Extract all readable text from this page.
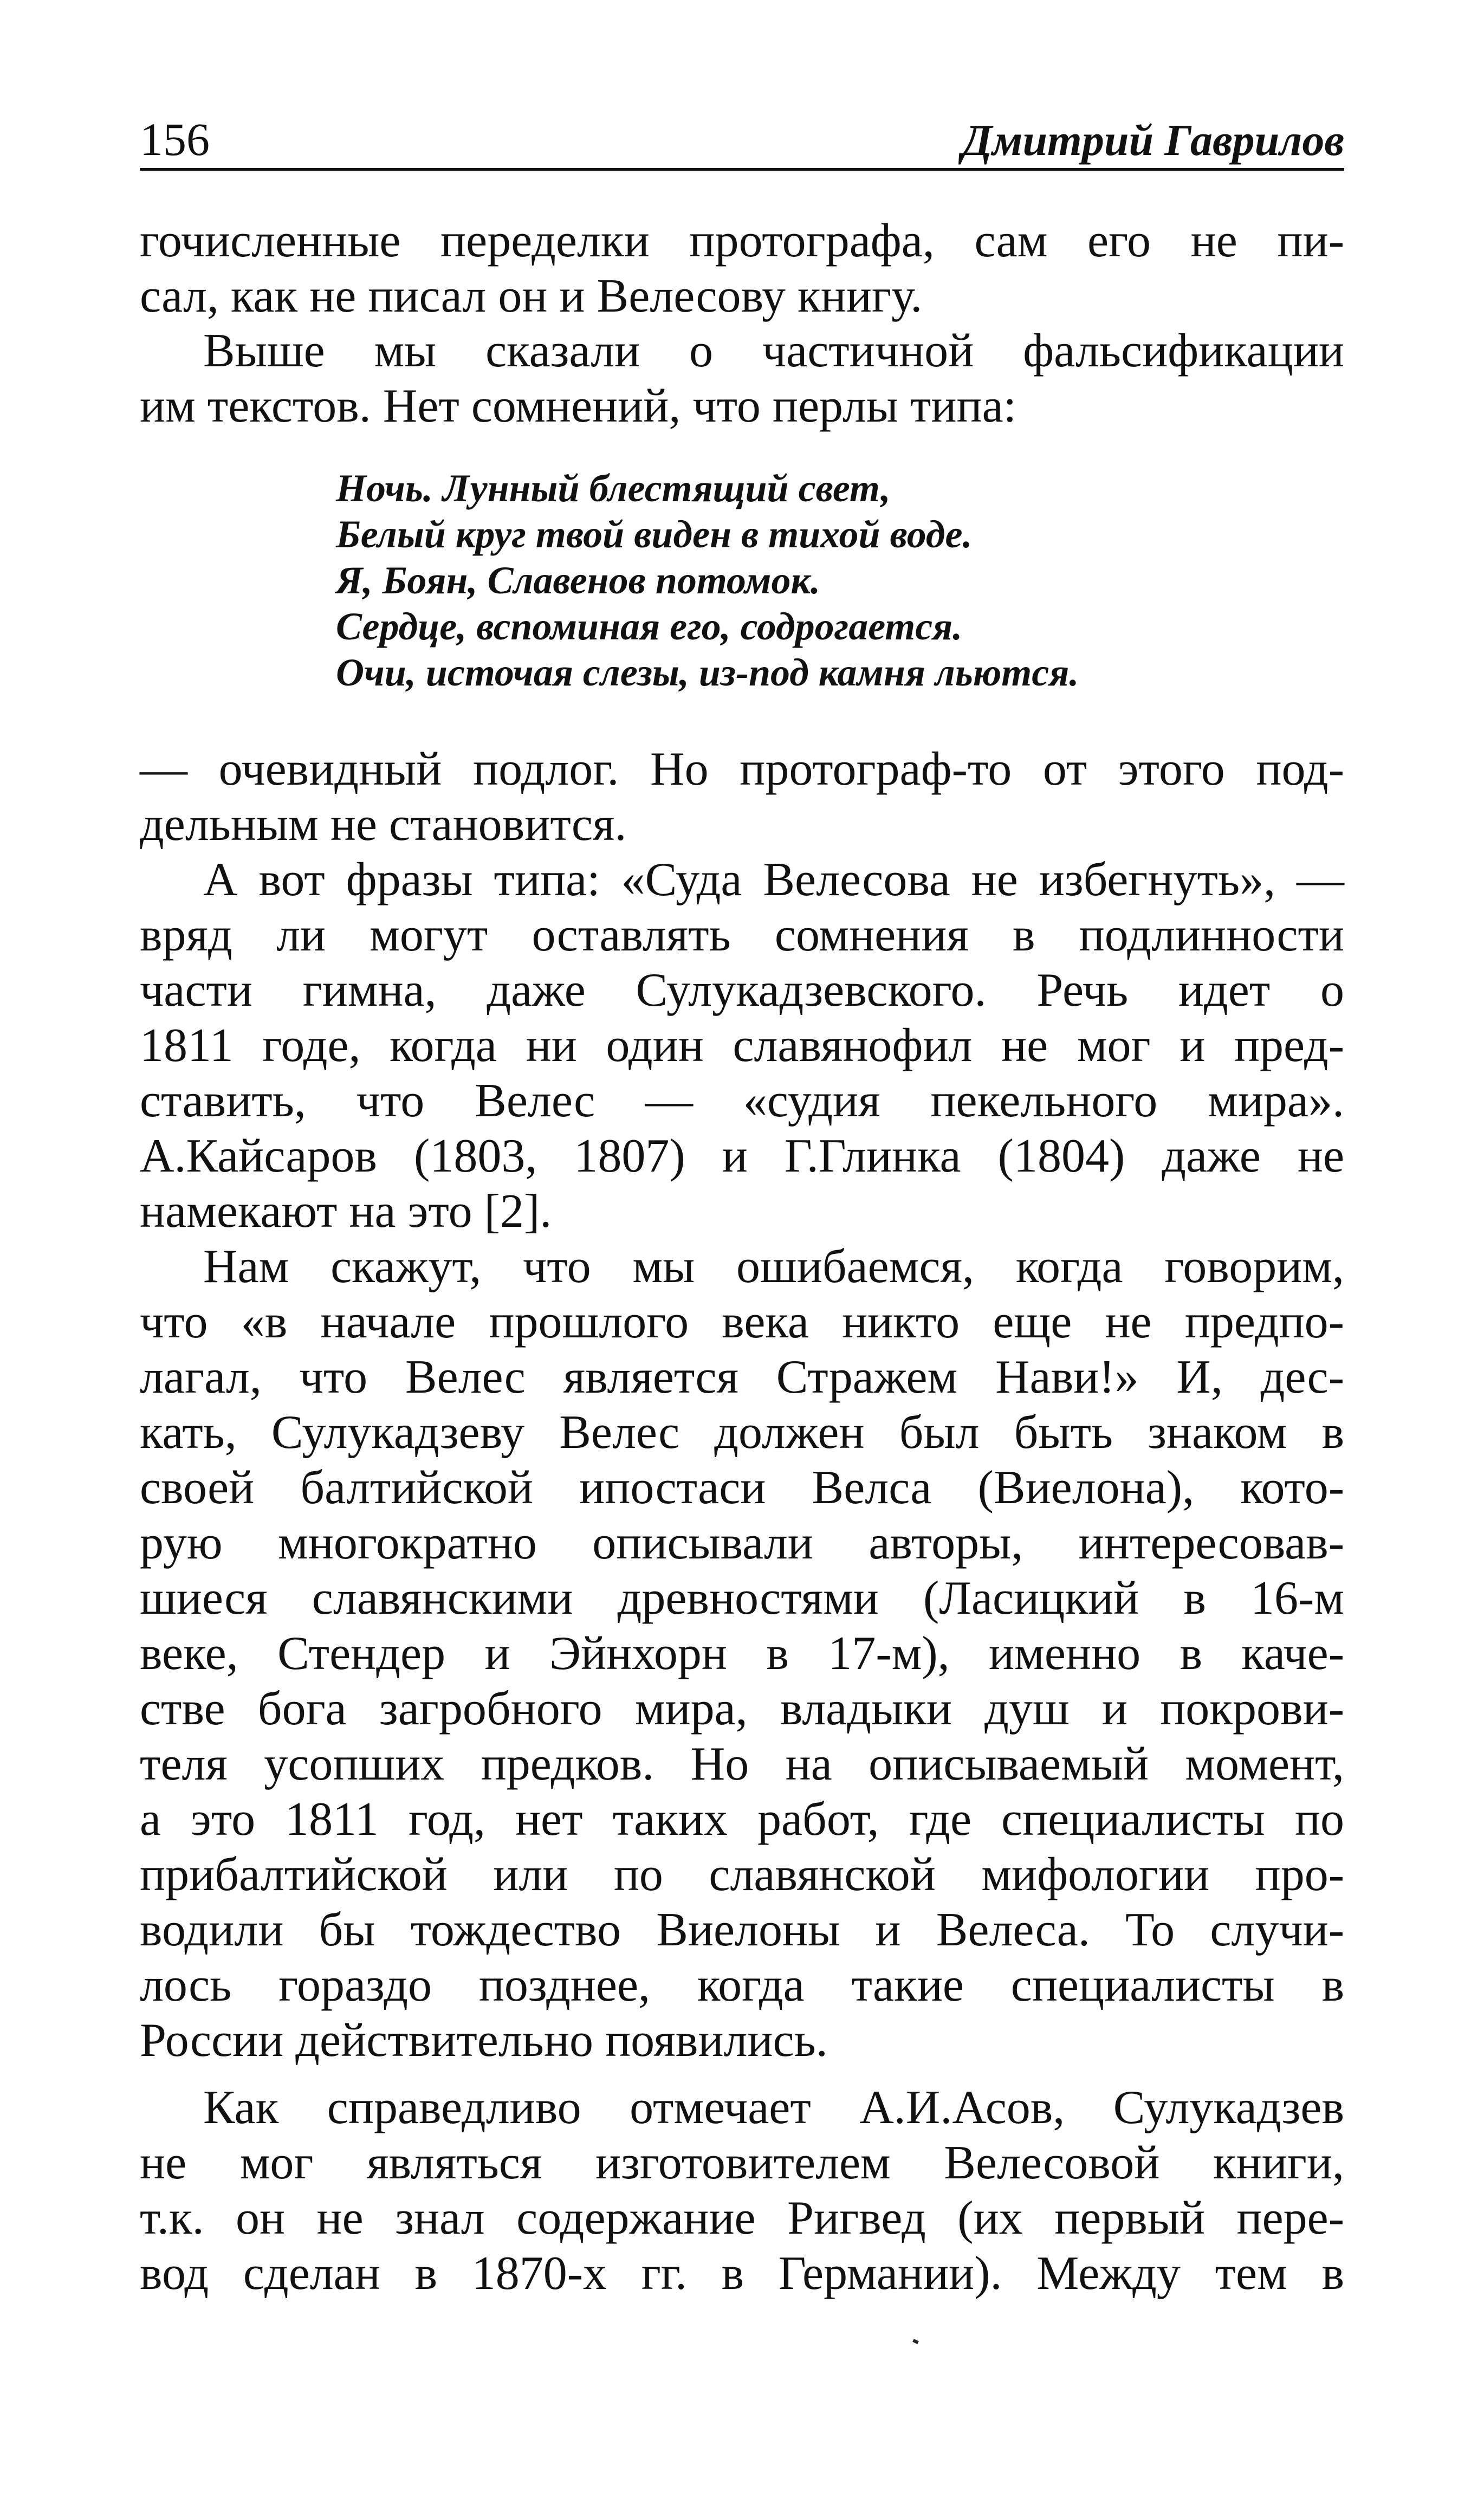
156	Дмитрий Гаврилов
гочисленные переделки протографа, сам его не пи-
сал, как не писал он и Велесову книгу.
Выше мы сказали о частичной фальсификации
им текстов. Нет сомнений, что перлы типа:
Ночь. Лунный блестящий свет,
Белый круг твой виден в тихой воде.
Я, Боян, Славенов потомок.
Сердце, вспоминая его, содрогается.
Очи, источая слезы, из-под камня льются.
— очевидный подлог. Но протограф-то от этого под-
дельным не становится.
А вот фразы типа: «Суда Велесова не избегнуть», —
вряд ли могут оставлять сомнения в подлинности
части гимна, даже Сулукадзевского. Речь идет о
1811 годе, когда ни один славянофил не мог и пред-
ставить, что Велес — «судия пекельного мира».
А.Кайсаров (1803, 1807) и Г.Глинка (1804) даже не
намекают на это [2].
Нам скажут, что мы ошибаемся, когда говорим,
что «в начале прошлого века никто еще не предпо-
лагал, что Велес является Стражем Нави!» И, дес-
кать, Сулукадзеву Велес должен был быть знаком в
своей балтийской ипостаси Велса (Виелона), кото-
рую многократно описывали авторы, интересовав-
шиеся славянскими древностями (Ласицкий в 16-м
веке, Стендер и Эйнхорн в 17-м), именно в каче-
стве бога загробного мира, владыки душ и покрови-
теля усопших предков. Но на описываемый момент,
а это 1811 год, нет таких работ, где специалисты по
прибалтийской или по славянской мифологии про-
водили бы тождество Виелоны и Велеса. То случи-
лось гораздо позднее, когда такие специалисты в
России действительно появились.
Как справедливо отмечает А.И.Асов, Сулукадзев
не мог являться изготовителем Велесовой книги,
т.к. он не знал содержание Ригвед (их первый пере-
вод сделан в 1870-х гг. в Германии). Между тем в
